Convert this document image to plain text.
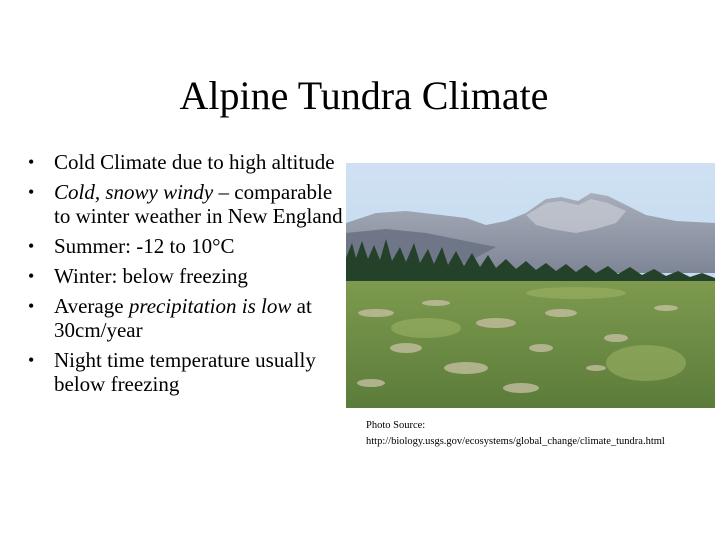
Alpine Tundra Climate
• Cold Climate due to high altitude
• Cold, snowy windy – comparable to winter weather in New England
• Summer: -12 to 10°C
• Winter: below freezing
• Average precipitation is low at 30cm/year
• Night time temperature usually below freezing
Photo Source:
http://biology.usgs.gov/ecosystems/global_change/climate_tundra.html
